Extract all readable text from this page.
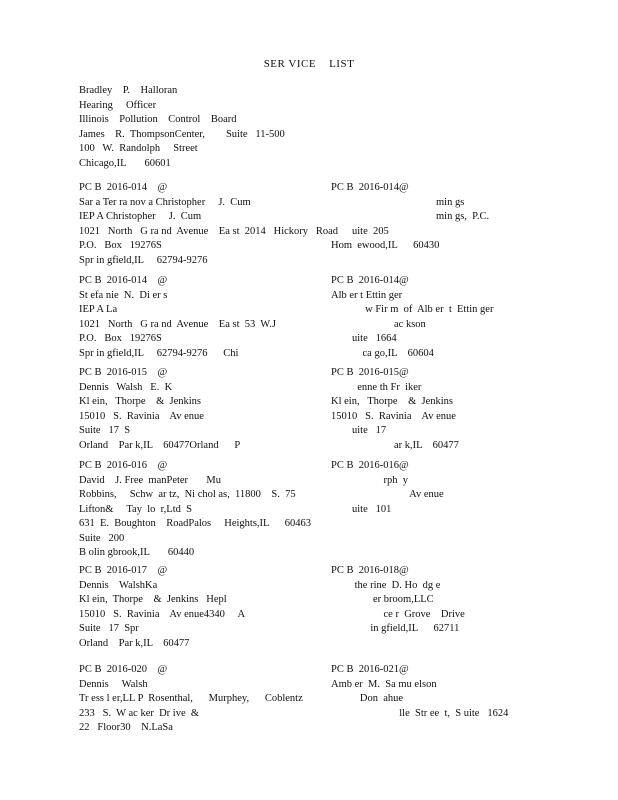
SER VICE    LIST
Bradley    P.    Halloran
Hearing     Officer
Illinois    Pollution    Control    Board
James    R.  ThompsonCenter,        Suite   11-500
100   W.  Randolph     Street
Chicago,IL       60601
PC B  2016-014    @
Sar a Ter ra nov a Christopher     J.  Cum
IEP A Christopher     J.  Cum
1021   North   G ra nd  Avenue    Ea st  2014   Hickory   Road
P.O.   Box   19276S
Spr in gfield,IL     62794-9276
PC B  2016-014@
min gs
min gs,  P.C.
uite  205
Hom  ewood,IL      60430
PC B  2016-014    @
St efa nie  N.  Di er s
IEP A La
1021   North   G ra nd  Avenue    Ea st  53  W.J
P.O.   Box   19276S
Spr in gfield,IL     62794-9276      Chi
PC B  2016-014@
Alb er t Ettin ger
w Fir m  of  Alb er  t  Ettin ger
ac kson
uite   1664
ca go,IL    60604
PC B  2016-015    @
Dennis   Walsh   E.  K
Kl ein,   Thorpe    &  Jenkins
15010   S.  Ravinia    Av enue
Suite   17  S
Orland    Par k,IL    60477Orland      P
PC B  2016-015@
enne th Fr  iker
Kl ein,   Thorpe    &  Jenkins
15010   S.  Ravinia    Av enue
uite   17
ar k,IL    60477
PC B  2016-016    @
David    J. Free  manPeter       Mu
Robbins,     Schw  ar tz,  Ni chol as,  11800    S.  75
Lifton&     Tay  lo  r,Ltd  S
631  E.  Boughton    RoadPalos     Heights,IL      60463
Suite   200
B olin gbrook,IL       60440
PC B  2016-016@
rph  y
Av enue
uite   101
PC B  2016-017    @
Dennis    WalshKa
Kl ein,  Thorpe    &  Jenkins   Hepl
15010   S.  Ravinia    Av enue4340     A
Suite   17  Spr
Orland    Par k,IL    60477
PC B  2016-018@
the rine  D. Ho  dg e
er broom,LLC
ce r  Grove    Drive
in gfield,IL      62711
PC B  2016-020    @
Dennis     Walsh
Tr ess l er,LL P  Rosenthal,      Murphey,      Coblentz
233   S.  W ac ker  Dr ive  &
22   Floor30    N.LaSa
PC B  2016-021@
Amb er  M.  Sa mu elson
Don  ahue
lle  Str ee  t,  S uite   1624
